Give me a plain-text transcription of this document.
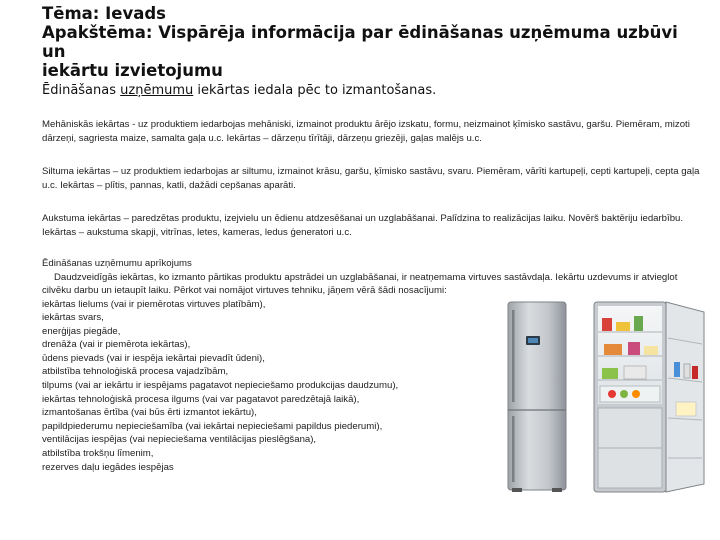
Tēma: Ievads
Apakštēma: Vispārēja informācija par ēdināšanas uzņēmuma uzbūvi un
iekārtu izvietojumu
Ēdināšanas uzņēmumu iekārtas iedala pēc to izmantošanas.
Mehāniskās iekārtas - uz produktiem iedarbojas mehāniski, izmainot produktu ārējo izskatu, formu, neizmainot ķīmisko sastāvu, garšu. Piemēram, mizoti dārzeņi, sagriesta maize, samalta gaļa u.c. Iekārtas – dārzeņu tīrītāji, dārzeņu griezēji, gaļas malējs u.c.
Siltuma iekārtas – uz produktiem iedarbojas ar siltumu, izmainot krāsu, garšu, ķīmisko sastāvu, svaru. Piemēram, vārīti kartupeļi, cepti kartupeļi, cepta gaļa u.c. Iekārtas – plītis, pannas, katli, dažādi cepšanas aparāti.
Aukstuma iekārtas – paredzētas produktu, izejvielu un ēdienu atdzesēšanai un uzglabāšanai. Palīdzina to realizācijas laiku. Novērš baktēriju iedarbību. Iekārtas – aukstuma skapji, vitrīnas, letes, kameras, ledus ģeneratori u.c.
Ēdināšanas uzņēmumu aprīkojums
Daudzveidīgās iekārtas, ko izmanto pārtikas produktu apstrādei un uzglabāšanai, ir neatņemama virtuves sastāvdaļa. Iekārtu uzdevums ir atvieglot cilvēku darbu un ietaupīt laiku. Pērkot vai nomājot virtuves tehniku, jāņem vērā šādi nosacījumi:
iekārtas lielums (vai ir piemērotas virtuves platībām),
iekārtas svars,
enerģijas piegāde,
drenāža (vai ir piemērota iekārtas),
ūdens pievads (vai ir iespēja iekārtai pievadīt ūdeni),
atbilstība tehnoloģiskā procesa vajadzībām,
tilpums (vai ar iekārtu ir iespējams pagatavot nepieciešamo produkcijas daudzumu),
iekārtas tehnoloģiskā procesa ilgums (vai var pagatavot paredzētajā laikā),
izmantošanas ērtība (vai būs ērti izmantot iekārtu),
papildpiederumu nepieciešamība (vai iekārtai nepieciešami papildus piederumi),
ventilācijas iespējas (vai nepieciešama ventilācijas pieslēgšana),
atbilstība trokšņu līmenim,
rezerves daļu iegādes iespējas
